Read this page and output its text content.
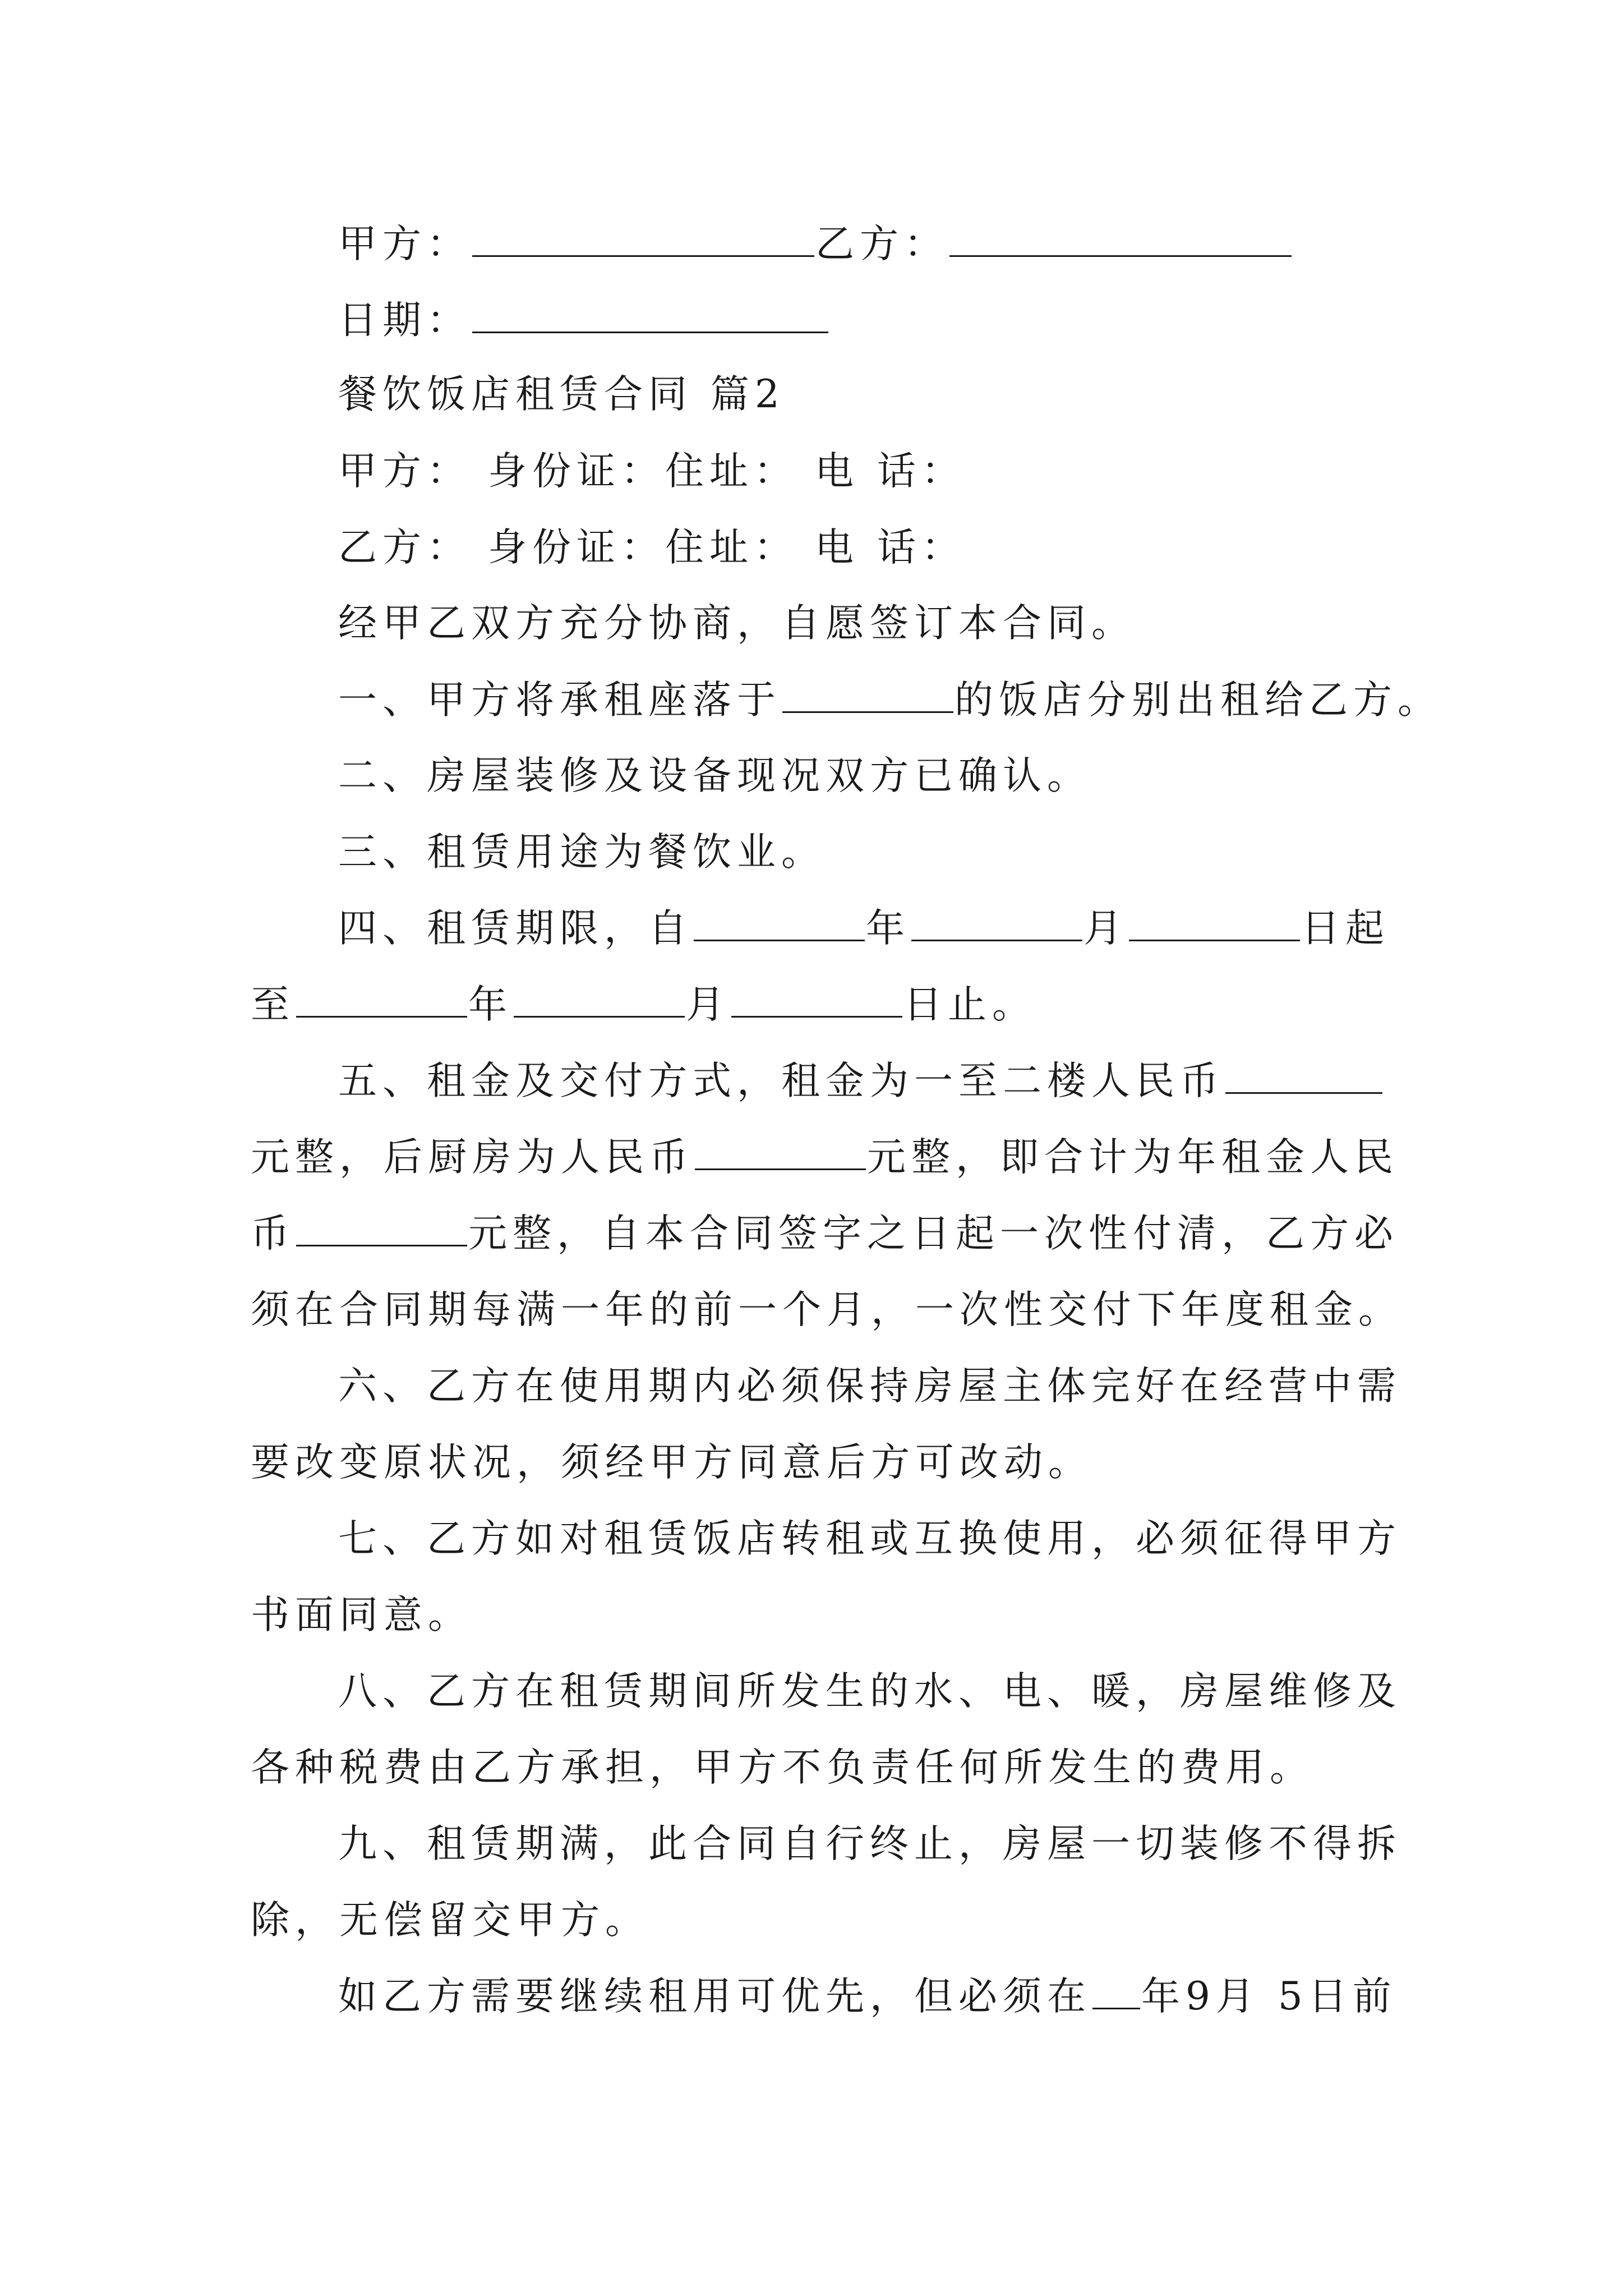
甲方：	乙方：
日期：
餐饮饭店租赁合同 篇2
甲方： 身份证：住址： 电 话：
乙方： 身份证：住址： 电 话：
经甲乙双方充分协商，自愿签订本合同。
一、甲方将承租座落于	的饭店分别出租给乙方。
二、房屋装修及设备现况双方已确认。
三、租赁用途为餐饮业。
四、租赁期限，自	年	月	日起
至	年	月	日止。
五、租金及交付方式，租金为一至二楼人民币
元整，后厨房为人民币	元整，即合计为年租金人民
币	元整，自本合同签字之日起一次性付清，乙方必
须在合同期每满一年的前一个月，一次性交付下年度租金。
六、乙方在使用期内必须保持房屋主体完好在经营中需
要改变原状况，须经甲方同意后方可改动。
七、乙方如对租赁饭店转租或互换使用，必须征得甲方
书面同意。
八、乙方在租赁期间所发生的水、电、暖，房屋维修及
各种税费由乙方承担，甲方不负责任何所发生的费用。
九、租赁期满，此合同自行终止，房屋一切装修不得拆
除，无偿留交甲方。
如乙方需要继续租用可优先，但必须在 年9月 5日前
